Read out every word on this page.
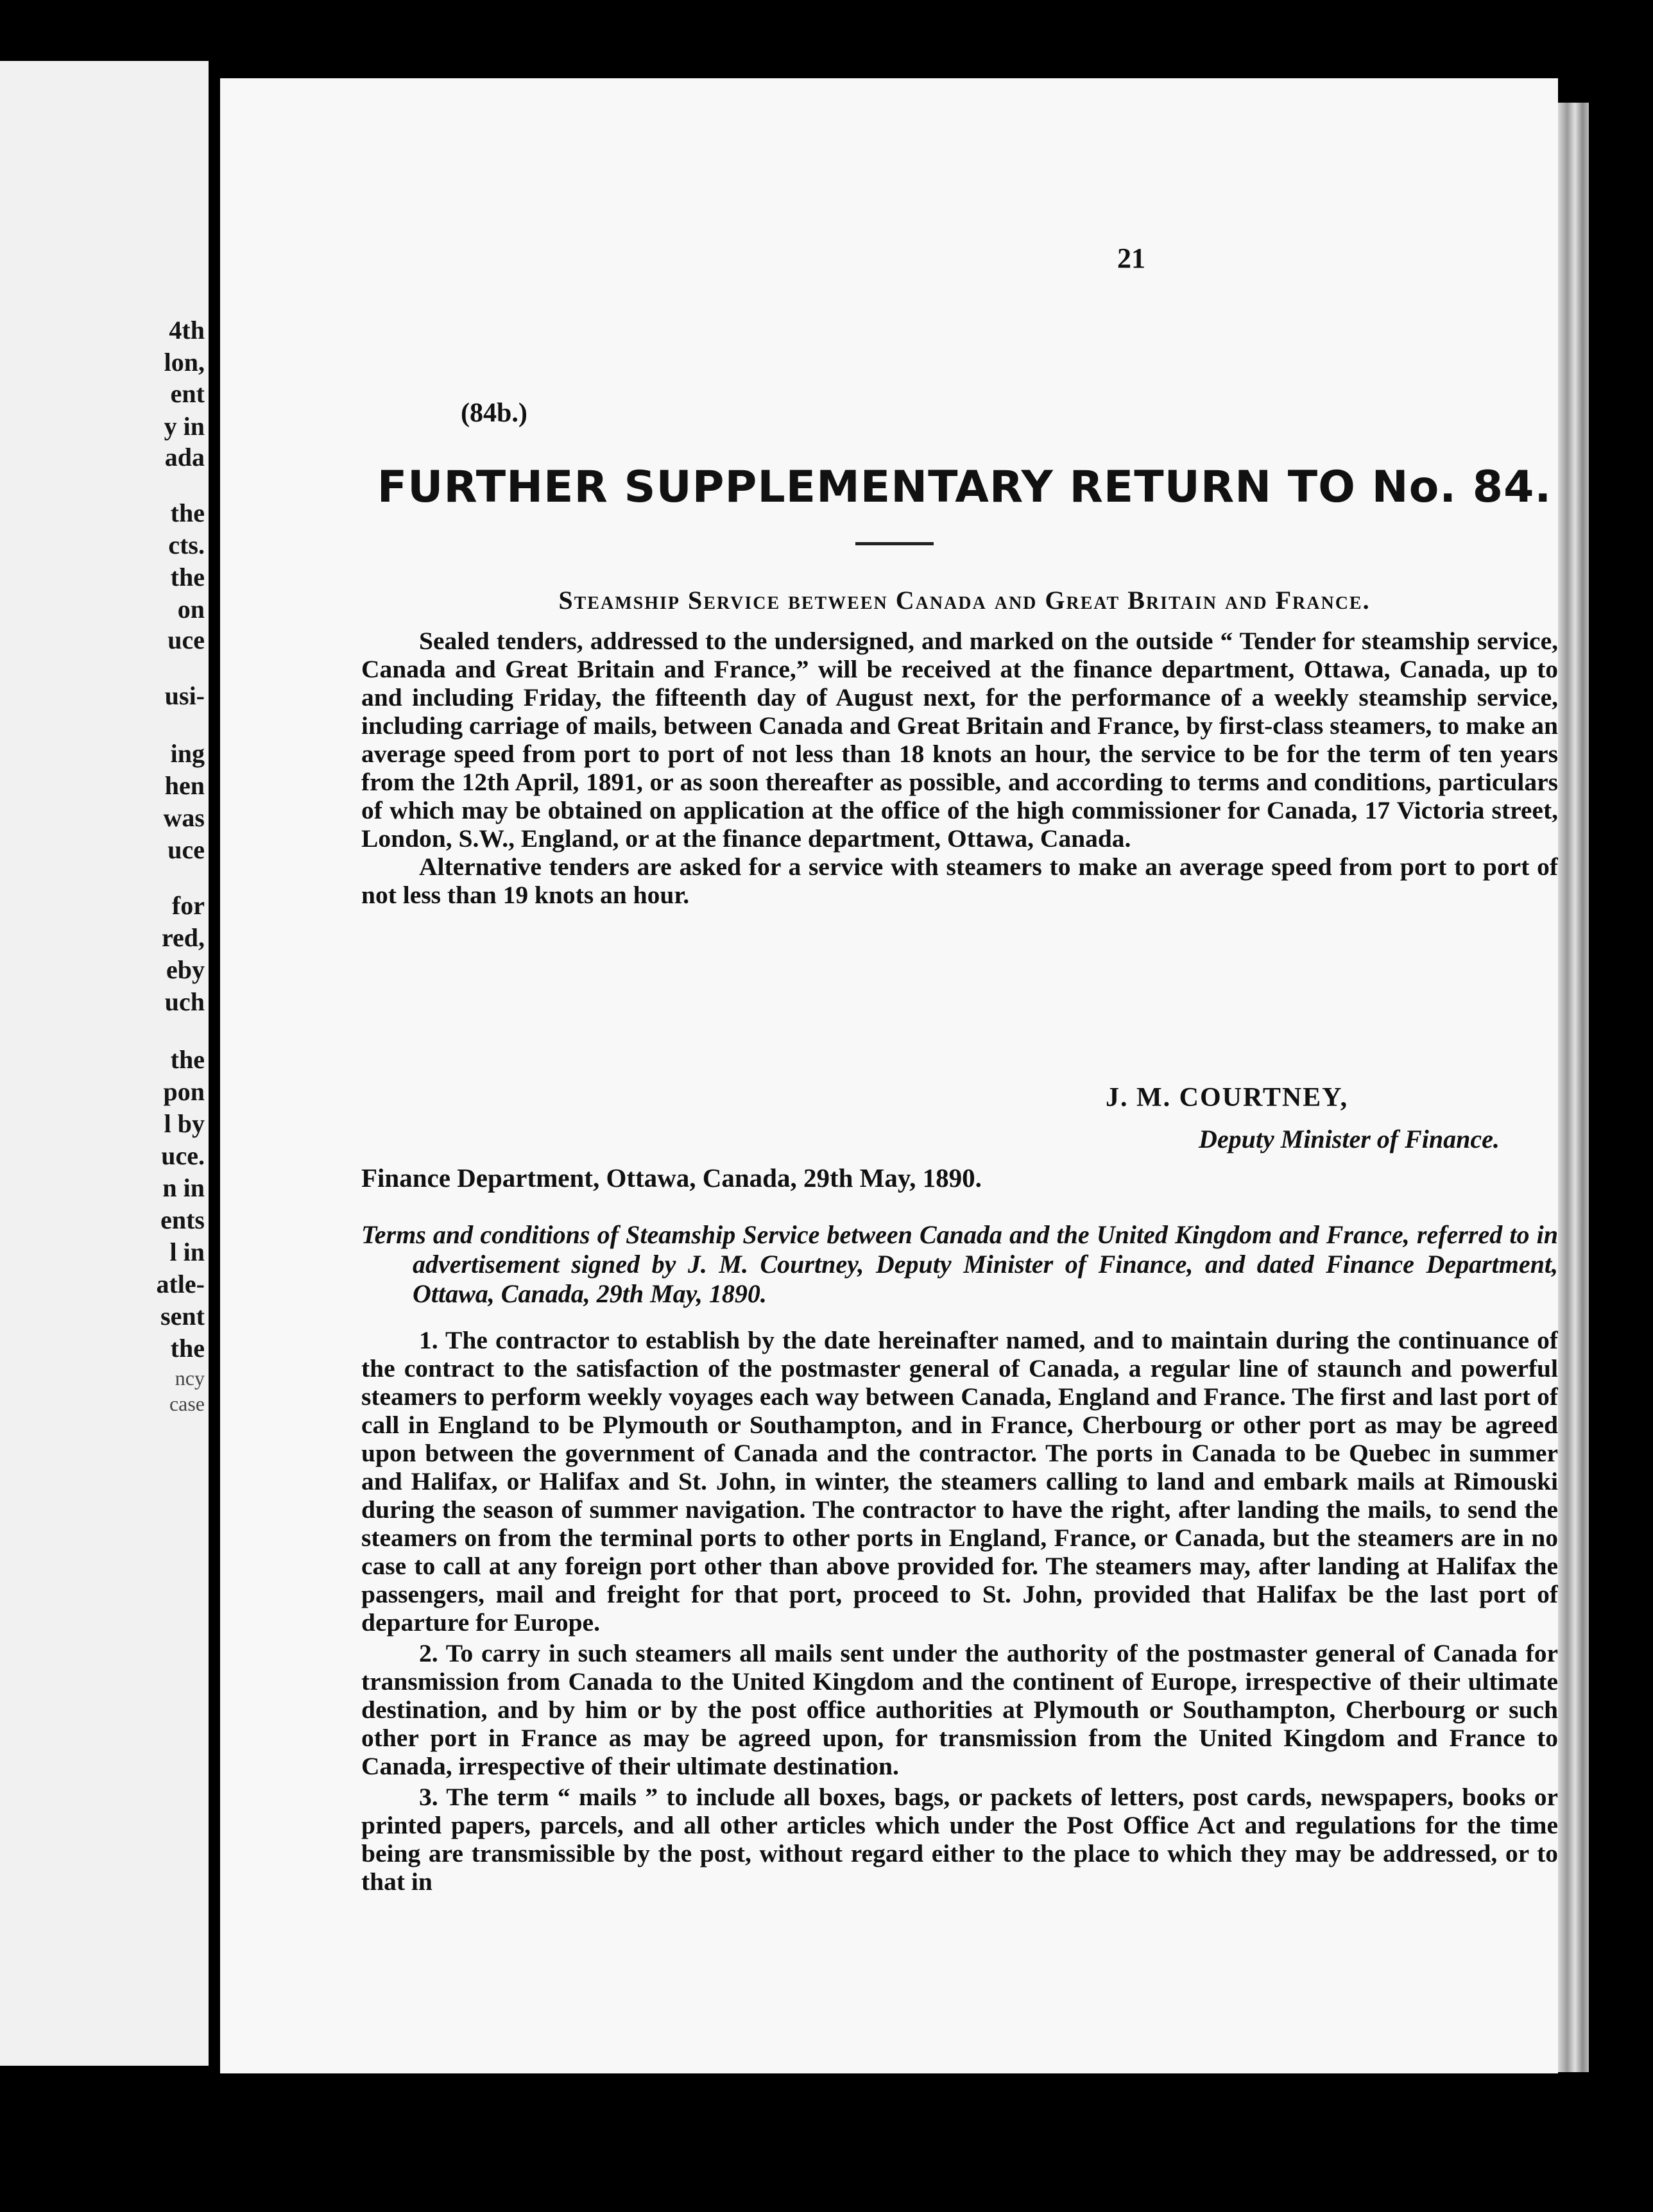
4th
lon,
ent
y in
ada
the
cts.
the
on
uce
usi-
ing
hen
was
uce
for
red,
eby
uch
the
pon
l by
uce.
n in
ents
l in
atle-
sent
the
ncy
case
21
(84b.)
FURTHER SUPPLEMENTARY RETURN TO No. 84.
Steamship Service between Canada and Great Britain and France.

Sealed tenders, addressed to the undersigned, and marked on the outside “ Tender for steamship service, Canada and Great Britain and France,” will be received at the finance department, Ottawa, Canada, up to and including Friday, the fifteenth day of August next, for the performance of a weekly steamship service, including carriage of mails, between Canada and Great Britain and France, by first-class steamers, to make an average speed from port to port of not less than 18 knots an hour, the service to be for the term of ten years from the 12th April, 1891, or as soon thereafter as possible, and according to terms and conditions, particulars of which may be obtained on application at the office of the high commissioner for Canada, 17 Victoria street, London, S.W., England, or at the finance department, Ottawa, Canada.

Alternative tenders are asked for a service with steamers to make an average speed from port to port of not less than 19 knots an hour.

J. M. COURTNEY,
Deputy Minister of Finance.
Finance Department, Ottawa, Canada, 29th May, 1890.
Terms and conditions of Steamship Service between Canada and the United Kingdom and France, referred to in advertisement signed by J. M. Courtney, Deputy Minister of Finance, and dated Finance Department, Ottawa, Canada, 29th May, 1890.

1. The contractor to establish by the date hereinafter named, and to maintain during the continuance of the contract to the satisfaction of the postmaster general of Canada, a regular line of staunch and powerful steamers to perform weekly voyages each way between Canada, England and France. The first and last port of call in England to be Plymouth or Southampton, and in France, Cherbourg or other port as may be agreed upon between the government of Canada and the contractor. The ports in Canada to be Quebec in summer and Halifax, or Halifax and St. John, in winter, the steamers calling to land and embark mails at Rimouski during the season of summer navigation. The contractor to have the right, after landing the mails, to send the steamers on from the terminal ports to other ports in England, France, or Canada, but the steamers are in no case to call at any foreign port other than above provided for. The steamers may, after landing at Halifax the passengers, mail and freight for that port, proceed to St. John, provided that Halifax be the last port of departure for Europe.

2. To carry in such steamers all mails sent under the authority of the postmaster general of Canada for transmission from Canada to the United Kingdom and the continent of Europe, irrespective of their ultimate destination, and by him or by the post office authorities at Plymouth or Southampton, Cherbourg or such other port in France as may be agreed upon, for transmission from the United Kingdom and France to Canada, irrespective of their ultimate destination.

3. The term “ mails ” to include all boxes, bags, or packets of letters, post cards, newspapers, books or printed papers, parcels, and all other articles which under the Post Office Act and regulations for the time being are transmissible by the post, without regard either to the place to which they may be addressed, or to that in
